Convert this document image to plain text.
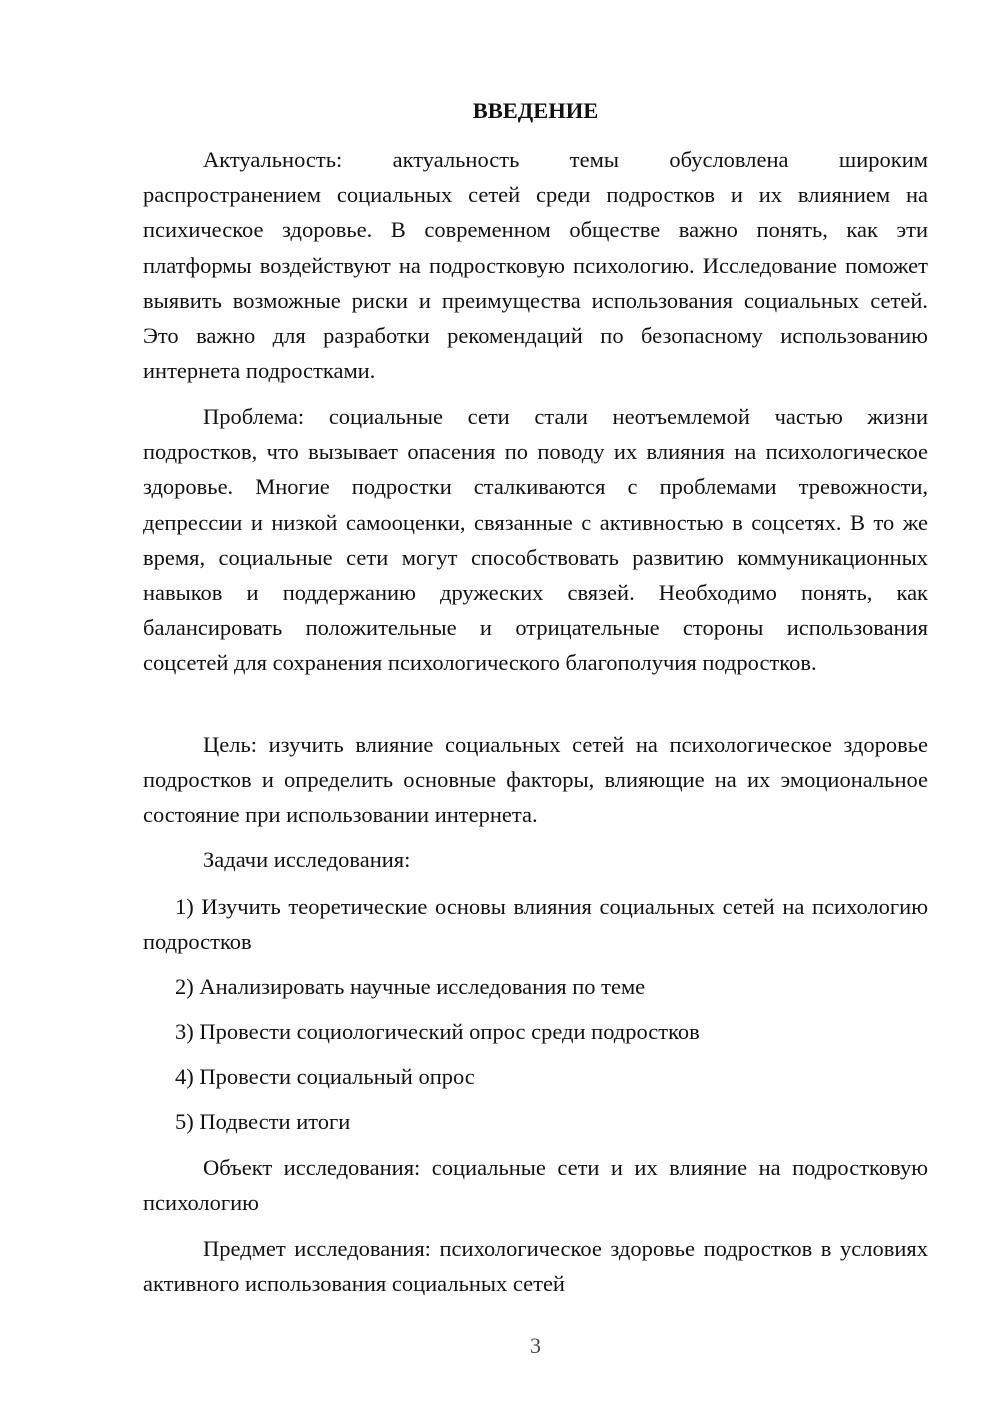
ВВЕДЕНИЕ

Актуальность: актуальность темы обусловлена широким распространением социальных сетей среди подростков и их влиянием на психическое здоровье. В современном обществе важно понять, как эти платформы воздействуют на подростковую психологию. Исследование поможет выявить возможные риски и преимущества использования социальных сетей. Это важно для разработки рекомендаций по безопасному использованию интернета подростками.

Проблема: социальные сети стали неотъемлемой частью жизни подростков, что вызывает опасения по поводу их влияния на психологическое здоровье. Многие подростки сталкиваются с проблемами тревожности, депрессии и низкой самооценки, связанные с активностью в соцсетях. В то же время, социальные сети могут способствовать развитию коммуникационных навыков и поддержанию дружеских связей. Необходимо понять, как балансировать положительные и отрицательные стороны использования соцсетей для сохранения психологического благополучия подростков.

Цель: изучить влияние социальных сетей на психологическое здоровье подростков и определить основные факторы, влияющие на их эмоциональное состояние при использовании интернета.

Задачи исследования:

1) Изучить теоретические основы влияния социальных сетей на психологию подростков

2) Анализировать научные исследования по теме

3) Провести социологический опрос среди подростков

4) Провести социальный опрос

5) Подвести итоги

Объект исследования: социальные сети и их влияние на подростковую психологию

Предмет исследования: психологическое здоровье подростков в условиях активного использования социальных сетей

3
